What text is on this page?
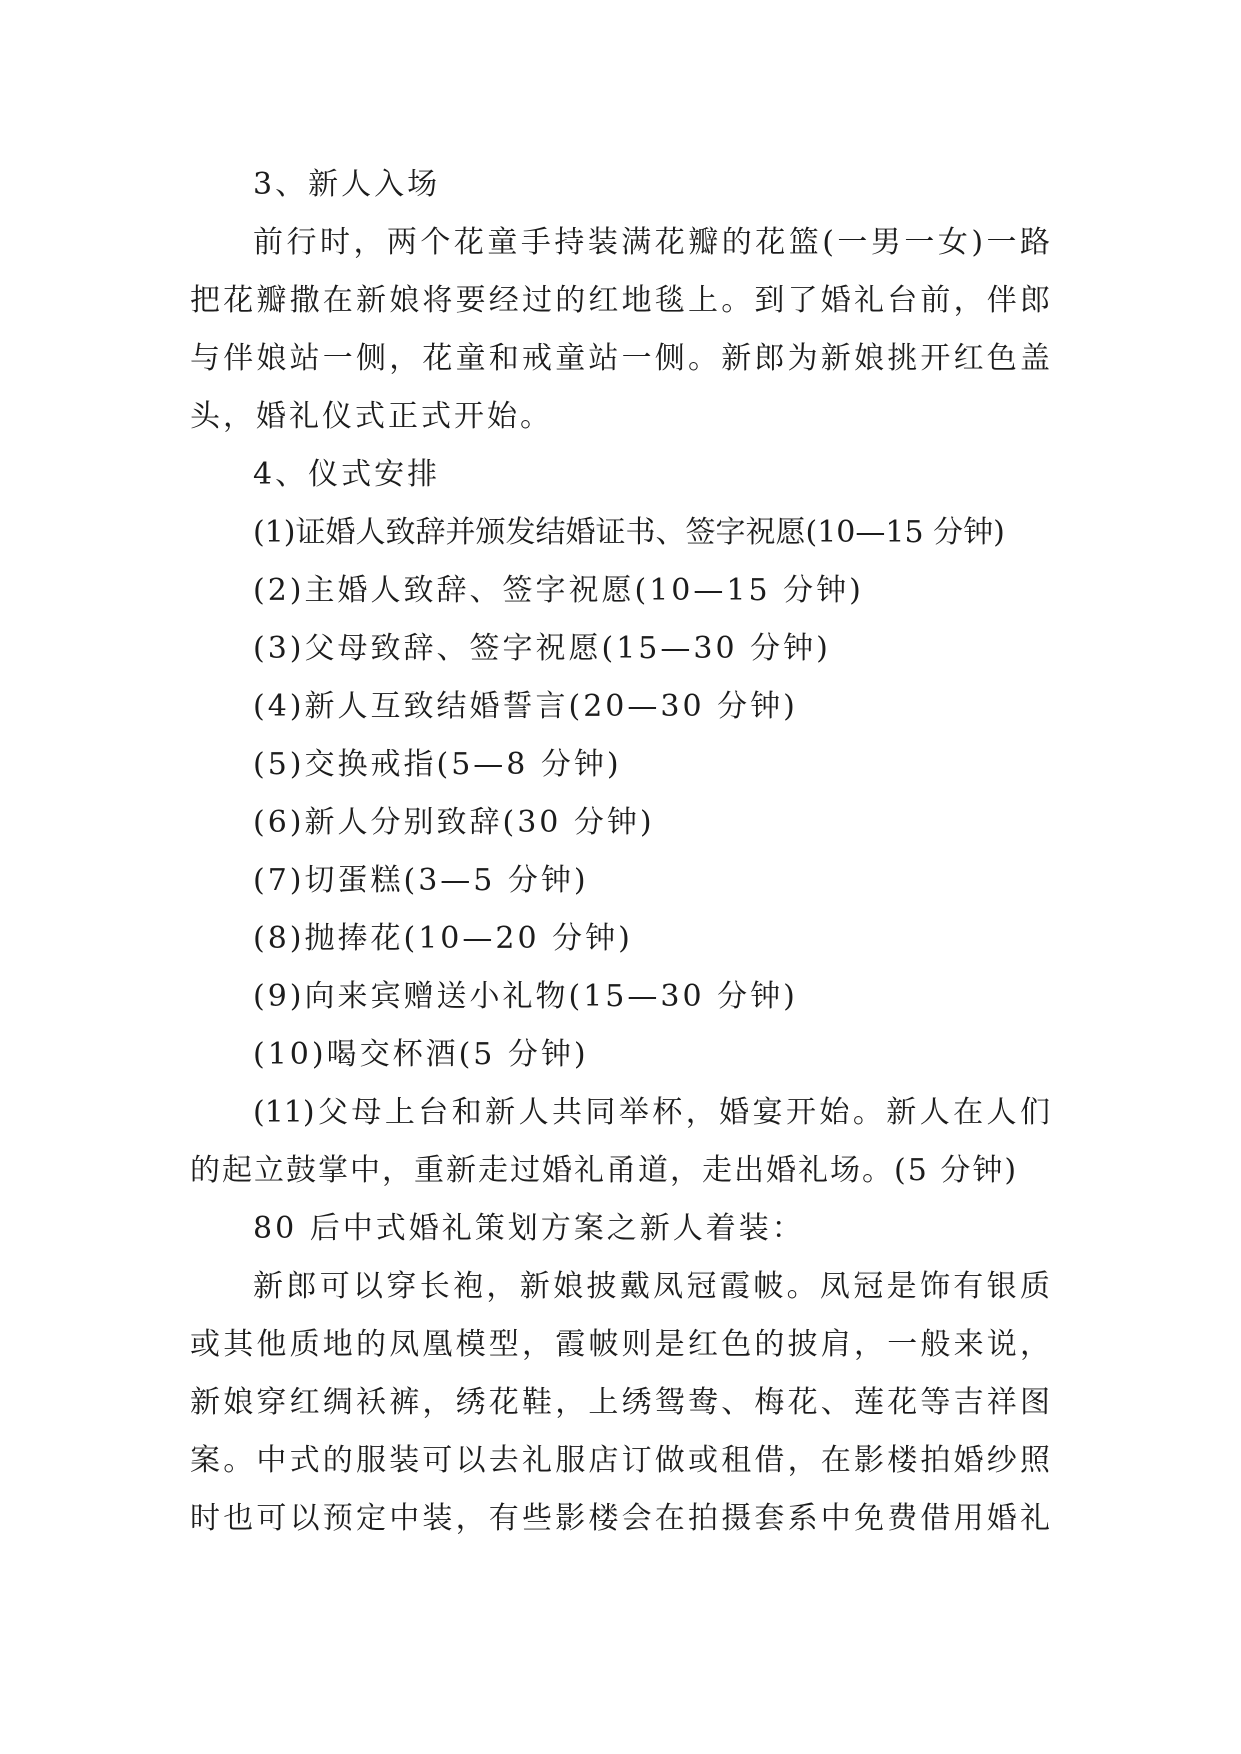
3、新人入场

前行时，两个花童手持装满花瓣的花篮(一男一女)一路

把花瓣撒在新娘将要经过的红地毯上。到了婚礼台前，伴郎

与伴娘站一侧，花童和戒童站一侧。新郎为新娘挑开红色盖

头，婚礼仪式正式开始。

4、仪式安排

(1)证婚人致辞并颁发结婚证书、签字祝愿(10—15 分钟)

(2)主婚人致辞、签字祝愿(10—15 分钟)

(3)父母致辞、签字祝愿(15—30 分钟)

(4)新人互致结婚誓言(20—30 分钟)

(5)交换戒指(5—8 分钟)

(6)新人分别致辞(30 分钟)

(7)切蛋糕(3—5 分钟)

(8)抛捧花(10—20 分钟)

(9)向来宾赠送小礼物(15—30 分钟)

(10)喝交杯酒(5 分钟)

(11)父母上台和新人共同举杯，婚宴开始。新人在人们

的起立鼓掌中，重新走过婚礼甬道，走出婚礼场。(5 分钟)

80 后中式婚礼策划方案之新人着装：

新郎可以穿长袍，新娘披戴凤冠霞帔。凤冠是饰有银质

或其他质地的凤凰模型，霞帔则是红色的披肩，一般来说，

新娘穿红绸袄裤，绣花鞋，上绣鸳鸯、梅花、莲花等吉祥图

案。中式的服装可以去礼服店订做或租借，在影楼拍婚纱照

时也可以预定中装，有些影楼会在拍摄套系中免费借用婚礼
